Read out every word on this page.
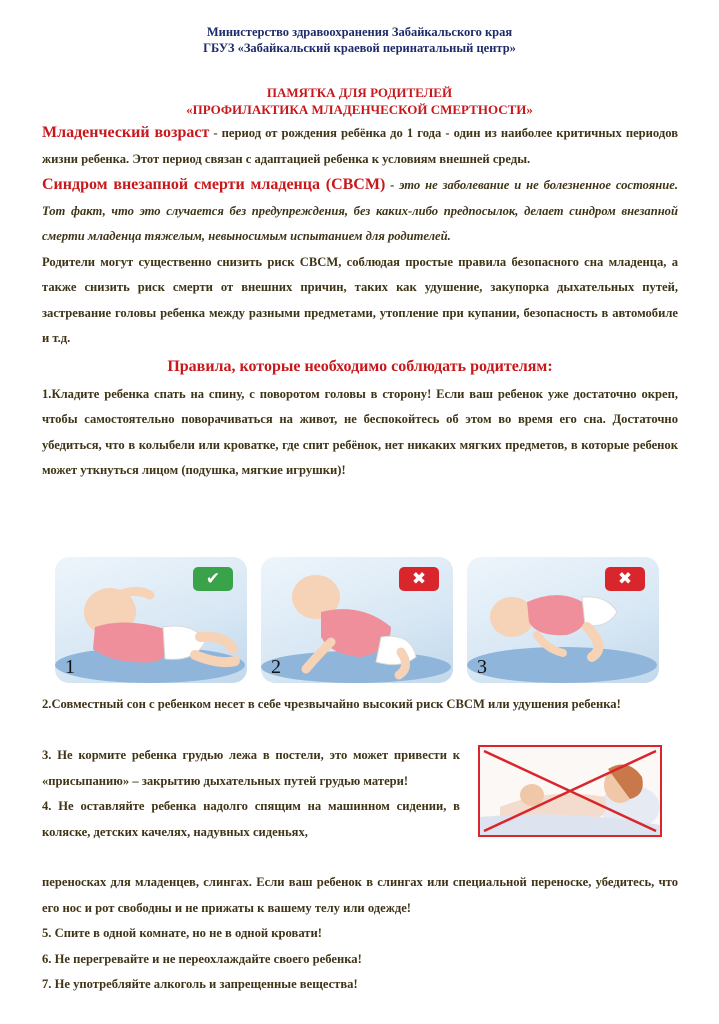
Министерство здравоохранения Забайкальского края
ГБУЗ «Забайкальский краевой перинатальный центр»
ПАМЯТКА ДЛЯ РОДИТЕЛЕЙ
«ПРОФИЛАКТИКА МЛАДЕНЧЕСКОЙ СМЕРТНОСТИ»

Младенческий возраст - период от рождения ребёнка до 1 года - один из наиболее критичных периодов жизни ребенка. Этот период связан с адаптацией ребенка к условиям внешней среды.

Синдром внезапной смерти младенца (СВСМ) - это не заболевание и не болезненное состояние. Тот факт, что это случается без предупреждения, без каких-либо предпосылок, делает синдром внезапной смерти младенца тяжелым, невыносимым испытанием для родителей.

Родители могут существенно снизить риск СВСМ, соблюдая простые правила безопасного сна младенца, а также снизить риск смерти от внешних причин, таких как удушение, закупорка дыхательных путей, застревание головы ребенка между разными предметами, утопление при купании, безопасность в автомобиле и т.д.

Правила, которые необходимо соблюдать родителям:

1.Кладите ребенка спать на спину, с поворотом головы в сторону! Если ваш ребенок уже достаточно окреп, чтобы самостоятельно поворачиваться на живот, не беспокойтесь об этом во время его сна. Достаточно убедиться, что в колыбели или кроватке, где спит ребёнок, нет никаких мягких предметов, в которые ребенок может уткнуться лицом (подушка, мягкие игрушки)!

✔
1
✖
2
✖
3

2.Совместный сон с ребенком несет в себе чрезвычайно высокий риск СВСМ или удушения ребенка!

3. Не кормите ребенка грудью лежа в постели, это может привести к «присыпанию» – закрытию дыхательных путей грудью матери!

4. Не оставляйте ребенка надолго спящим на машинном сидении, в коляске, детских качелях, надувных сиденьях,

переносках для младенцев, слингах. Если ваш ребенок в слингах или специальной переноске, убедитесь, что его нос и рот свободны и не прижаты к вашему телу или одежде!

5. Спите в одной комнате, но не в одной кровати!

6. Не перегревайте и не переохлаждайте своего ребенка!

7. Не употребляйте алкоголь и запрещенные вещества!
